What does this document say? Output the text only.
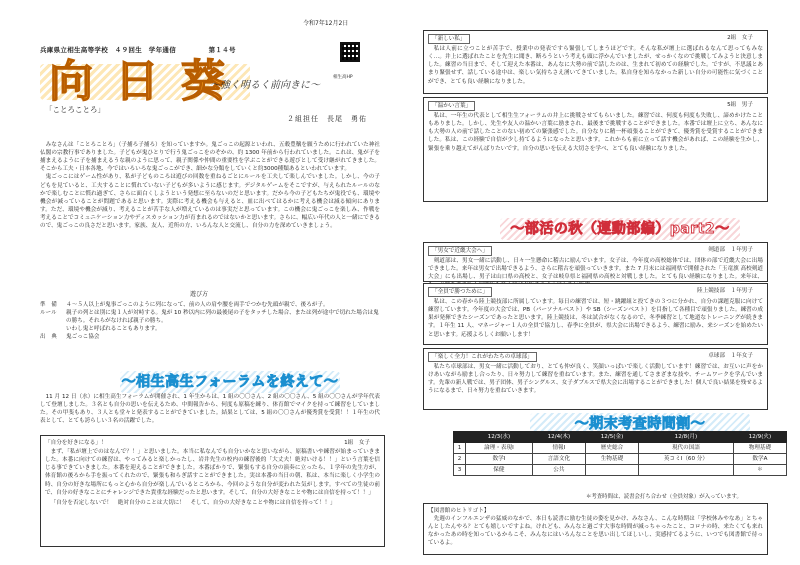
令和7年12月2日
兵庫県立相生高等学校　４９回生　学年通信	第１４号
相生高HP
向 日 葵
～強く明るく前向きに～
「ことろことろ」
２組担任　長尾　勇佑

みなさんは「ことろことろ」（子捕ろ子捕ろ）を知っていますか。鬼ごっこの起源といわれ、五穀豊穣を願うために行われていた神社仏閣の宗教行事でありました。子どもが鬼ひとりで行う鬼ごっこをのぞかの、約 1300 年前から行われていました。これは、鬼が子を捕まえるように子を捕まえるうな親のように思って、親子関係や仲間の重要性を学ぶことができる遊びとして受け継がれてきました。そこから工夫・日本各地、今ではいろいろな鬼ごっこができ、細かな分類をしていくと約3000種類あるといわれています。

鬼ごっこにはゲーム性があり、私が子どものころは遊びの回数を重ねるごとにルールを工夫して楽しんでいました。しかし、今の子どもを見ていると、工夫することに慣れていない子どもが多いように感じます。デジタルゲームをそこですが、与えられたルールのなかで楽しむことに慣れ過ぎて、さらに面白くしようという発想に至らないのだと思います。だから今の子どもたちが鬼役でも、環境や機会が減っていることが問題であると思います。実際に考える機会も与えると、皿に出べてはるかに考える機会は減る傾向にあります。ただ、環境や機会が減り、考えることが苦手な人が増えているのは事実だと思っています。この機会に鬼ごっこを楽しみ、作戦を考えることでコミュニケーション力やディスカッション力が育まれるのではないかと思います。さらに、幅広い年代の人と一緒にできるので、鬼ごっこの良さだと思います。家族、友人、近所の方、いろんな人と交流し、自分の力を深めていきましょう。

遊び方
準　備	４～５人以上が鬼事ごっこのように列になって、前の人の肩や腰を両手でつかむ先頭が親で、後ろが子。
ルール	親子の列とは別に鬼１人が対峙する。鬼が 10 秒以内に列の最後尾の子をタッチした場合、または列が途中で切れた場合は鬼の勝ち。それらがなければ親子の勝ち。
いわし鬼と呼ばれることもあります。
出　典	鬼ごっこ協会
～相生高生フォーラムを終えて～
11 月 12 日（水）に相生高生フォーラムが開催され、1 年生からは、1 組の〇〇さん、2 組の〇〇さん、5 組の〇〇さんが学年代表して登壇しました。３名とも自分の思いを伝えるため、中間報告から、何度も原稿を練り、体育館でマイクを持って練習をしていました。その甲斐もあり、３人とも堂々と発表することができていました。結果としては、5 組の〇〇さんが優秀賞を受賞！！１年生の代表として、とても誇らしい３名の活躍でした。
「自分を好きになる」！	1組　女子
まず、「私が壇上でのはなんで？！」と思いました。本当に私なんでも自分いかなと思いながら、原稿書いや練習が始まっていきました。本番に向けての練習は、やってみると楽しかったし、岩井先生の校内の練習後的「大丈夫！絶対いける！！」という言葉を信じる事できていきました。本番を迎えることができました。本番ばかりで、緊張もする自分の演奏に立ったら、１学年の先生方が、体育館の後ろから手を振ってくれたので、緊張も和らぎ話すことができました。実は本番の当日の朝、私は、本当に楽しく小学生の時、自分の好きな場所にもっと心から自分が楽しんでいるところから、今回のような自分が変われた気がします。すべての生徒の前で、自分の好きなことにチャレンジできた貴重な経験だったと思います。そして、自分の大好きなことや物には自信を持って！！」
「自分を否定しないで！　絶対自分のことは大切に！　そして、自分の大好きなことや物には自信を持って！！」
「新しい私」	2組　女子
私は人前に立つことが苦手で、授業中の発表ですら緊張してしまうほどです。そんな私が壇上に選ばれるなんて思ってもみなく…。井上に選ばれたことを先生に聞き、断ろうという考えも頭に浮かんでいましたが、せっかくなので挑戦してみようと決意しました。練習の当日まで、そして迎えた本番は、あんなに大勢の前で話したのは、生まれて初めての経験でした。ですが、不思議とあまり緊張せず、話している途中は、楽しい気持ちさえ湧いてきていました。私自身を知らなかった新しい自分の可能性に気づくことができ、とても良い経験になりました。
「温かい言葉」	5組　男子
私は、一年生の代表として相生生フォーラムの井上に挑戦させてもらいました。練習では、何度も何度も失敗し、諦めかけたこともありました。しかし、先生や友人の温かい言葉に励まされ、最後まで挑戦することができました。本番では壇上に立ち、あんなにも大勢の人の前で話したことのない初めての緊張感でした。自分なりに精一杯頑張ることができて、優秀賞を受賞することができました。私は、この経験で自信が少し持てるようになったと思います。これからも前に立って話す機会があれば、この経験を生かし、緊張を乗り越えてがんばりたいです。自分の思いを伝える大切さを学べ、とても良い経験になりました。
～部活の秋（運動部編）part2～
「男女で近畿大会へ」	剣道部　 １年男子
剣道部は、男女一緒に活動し、日々一生懸命に稽古に励んでいます。女子は、今年度の高校総体では、団体の部で近畿大会に出場できました。来年は男女で出場できるよう、さらに稽古を頑張っていきます。また 7 月末には福岡県で開催された「玉竜旗 高校剣道大会」にも出場し、男子は山口県の高校と、女子は岐阜県と福岡県の高校と対戦しました。とても良い経験になりました。来年は、
「全員で勝つために」	陸上競技部　 １年男子
私は、この春から陸上競技部に所属しています。毎日の練習では、短・跳躍組と投てきの３つに分かれ、自分の課題克服に向けて練習しています。今年度の大会では、PB（パーソナルベスト）や SB（シーズンベスト）を目指して各種目で頑張りました。練習の成果が発揮できたシーズンであったと思います。陸上競技は、冬は試合がなくなるので、冬季練習として地道なトレーニングが続きます。１年生 11 人、マネージャー１人の全員で協力し、春季に全員が、県大会に出場できるよう、練習に励み、来シーズンを始めたいと思います。応援よろしくお願いします！
「楽しく全力！これがわたちの卓球部」	卓球部　 １年女子
私たち卓球部は、男女一緒に活動しており、とても仲が良く、笑顔いっぱいで楽しく活動しています！練習では、お互いに声をかけあいながら励まし合ったり、日々努力して練習を重ねています。また、練習を通してさまざまな技や、チームワークを学んでいます。先輩の新人戦では、男子団体、男子シングルス、女子ダブルスで県大会に出場することができました！個人で良い結果を残せるようになるまで、日々努力を重ねていきます。
～期末考査時間割～
	12/3(水)	12/4(木)	12/5(金)	12/8(月)	12/9(火)
1	論理・表現Ⅰ	情報Ⅰ	歴史総合	現代の国語	物理基礎
2	数学Ⅰ	言語文化	生物基礎	英コミⅠ（60 分）	数学A
3	保健	公共			＊
＊考査時間は、読書会打ち合わせ（全員対象）が入っています。
【図書館のヒトリゴト】
先週のインフルエンザの猛威のなかで、本日も読書に励む生徒の姿を見かけ、みなさん、こんな時期は「学校休みやなあ」とちゃんとしたんやろ？とても嬉しいですよね。けれども、みんなと過ごす大事な時間が減っちゃったこと、コロナの時、来たくても来れなかったあの時を知っているからこそ、みんなにはいろんなことを思い出してほしいし、実感持てるように、いつでも図書館で待っているよ。
